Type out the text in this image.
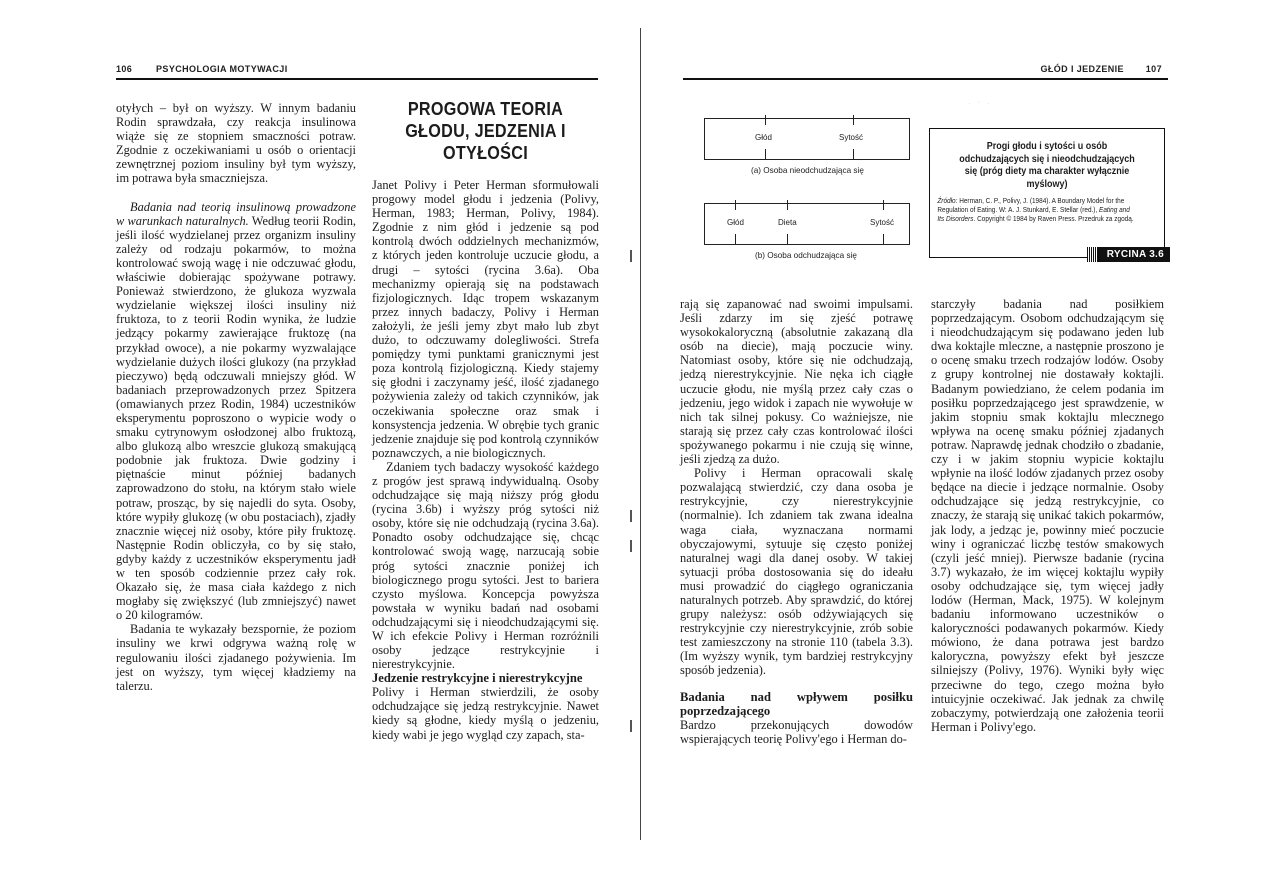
106	PSYCHOLOGIA MOTYWACJI

otyłych – był on wyższy. W innym badaniu Rodin sprawdzała, czy reakcja insulinowa wiąże się ze stopniem smaczności potraw. Zgodnie z oczekiwaniami u osób o orientacji zewnętrznej poziom insuliny był tym wyższy, im potrawa była smaczniejsza.

Badania nad teorią insulinową prowadzone w warunkach naturalnych. Według teorii Rodin, jeśli ilość wydzielanej przez organizm insuliny zależy od rodzaju pokarmów, to można kontrolować swoją wagę i nie odczuwać głodu, właściwie dobierając spożywane potrawy. Ponieważ stwierdzono, że glukoza wyzwala wydzielanie większej ilości insuliny niż fruktoza, to z teorii Rodin wynika, że ludzie jedzący pokarmy zawierające fruktozę (na przykład owoce), a nie pokarmy wyzwalające wydzielanie dużych ilości glukozy (na przykład pieczywo) będą odczuwali mniejszy głód. W badaniach przeprowadzonych przez Spitzera (omawianych przez Rodin, 1984) uczestników eksperymentu poproszono o wypicie wody o smaku cytrynowym osłodzonej albo fruktozą, albo glukozą albo wreszcie glukozą smakującą podobnie jak fruktoza. Dwie godziny i piętnaście minut później badanych zaprowadzono do stołu, na którym stało wiele potraw, prosząc, by się najedli do syta. Osoby, które wypiły glukozę (w obu postaciach), zjadły znacznie więcej niż osoby, które piły fruktozę. Następnie Rodin obliczyła, co by się stało, gdyby każdy z uczestników eksperymentu jadł w ten sposób codziennie przez cały rok. Okazało się, że masa ciała każdego z nich mogłaby się zwiększyć (lub zmniejszyć) nawet o 20 kilogramów.

Badania te wykazały bezspornie, że poziom insuliny we krwi odgrywa ważną rolę w regulowaniu ilości zjadanego pożywienia. Im jest on wyższy, tym więcej kładziemy na talerzu.

PROGOWA TEORIA GŁODU, JEDZENIA I OTYŁOŚCI

Janet Polivy i Peter Herman sformułowali progowy model głodu i jedzenia (Polivy, Herman, 1983; Herman, Polivy, 1984). Zgodnie z nim głód i jedzenie są pod kontrolą dwóch oddzielnych mechanizmów, z których jeden kontroluje uczucie głodu, a drugi – sytości (rycina 3.6a). Oba mechanizmy opierają się na podstawach fizjologicznych. Idąc tropem wskazanym przez innych badaczy, Polivy i Herman założyli, że jeśli jemy zbyt mało lub zbyt dużo, to odczuwamy dolegliwości. Strefa pomiędzy tymi punktami granicznymi jest poza kontrolą fizjologiczną. Kiedy stajemy się głodni i zaczynamy jeść, ilość zjadanego pożywienia zależy od takich czynników, jak oczekiwania społeczne oraz smak i konsystencja jedzenia. W obrębie tych granic jedzenie znajduje się pod kontrolą czynników poznawczych, a nie biologicznych.

Zdaniem tych badaczy wysokość każdego z progów jest sprawą indywidualną. Osoby odchudzające się mają niższy próg głodu (rycina 3.6b) i wyższy próg sytości niż osoby, które się nie odchudzają (rycina 3.6a). Ponadto osoby odchudzające się, chcąc kontrolować swoją wagę, narzucają sobie próg sytości znacznie poniżej ich biologicznego progu sytości. Jest to bariera czysto myślowa. Koncepcja powyższa powstała w wyniku badań nad osobami odchudzającymi się i nieodchudzającymi się. W ich efekcie Polivy i Herman rozróżnili osoby jedzące restrykcyjnie i nierestrykcyjnie.

Jedzenie restrykcyjne i nierestrykcyjne

Polivy i Herman stwierdzili, że osoby odchudzające się jedzą restrykcyjnie. Nawet kiedy są głodne, kiedy myślą o jedzeniu, kiedy wabi je jego wygląd czy zapach, sta-

GŁÓD I JEDZENIE 107
Głód	Sytość
(a) Osoba nieodchudzająca się
Głód	Dieta	Sytość
(b) Osoba odchudzająca się
. · .
Progi głodu i sytości u osób odchudzających się i nieodchudzających się (próg diety ma charakter wyłącznie myślowy)
Źródło: Herman, C. P., Polivy, J. (1984). A Boundary Model for the Regulation of Eating. W: A. J. Stunkard, E. Stellar (red.), Eating and Its Disorders. Copyright © 1984 by Raven Press. Przedruk za zgodą.
RYCINA 3.6

rają się zapanować nad swoimi impulsami. Jeśli zdarzy im się zjeść potrawę wysokokaloryczną (absolutnie zakazaną dla osób na diecie), mają poczucie winy. Natomiast osoby, które się nie odchudzają, jedzą nierestrykcyjnie. Nie nęka ich ciągłe uczucie głodu, nie myślą przez cały czas o jedzeniu, jego widok i zapach nie wywołuje w nich tak silnej pokusy. Co ważniejsze, nie starają się przez cały czas kontrolować ilości spożywanego pokarmu i nie czują się winne, jeśli zjedzą za dużo.

Polivy i Herman opracowali skalę pozwalającą stwierdzić, czy dana osoba je restrykcyjnie, czy nierestrykcyjnie (normalnie). Ich zdaniem tak zwana idealna waga ciała, wyznaczana normami obyczajowymi, sytuuje się często poniżej naturalnej wagi dla danej osoby. W takiej sytuacji próba dostosowania się do ideału musi prowadzić do ciągłego ograniczania naturalnych potrzeb. Aby sprawdzić, do której grupy należysz: osób odżywiających się restrykcyjnie czy nierestrykcyjnie, zrób sobie test zamieszczony na stronie 110 (tabela 3.3). (Im wyższy wynik, tym bardziej restrykcyjny sposób jedzenia).

Badania nad wpływem posiłku poprzedzającego

Bardzo przekonujących dowodów wspierających teorię Polivy'ego i Herman do-

starczyły badania nad posiłkiem poprzedzającym. Osobom odchudzającym się i nieodchudzającym się podawano jeden lub dwa koktajle mleczne, a następnie proszono je o ocenę smaku trzech rodzajów lodów. Osoby z grupy kontrolnej nie dostawały koktajli. Badanym powiedziano, że celem podania im posiłku poprzedzającego jest sprawdzenie, w jakim stopniu smak koktajlu mlecznego wpływa na ocenę smaku później zjadanych potraw. Naprawdę jednak chodziło o zbadanie, czy i w jakim stopniu wypicie koktajlu wpłynie na ilość lodów zjadanych przez osoby będące na diecie i jedzące normalnie. Osoby odchudzające się jedzą restrykcyjnie, co znaczy, że starają się unikać takich pokarmów, jak lody, a jedząc je, powinny mieć poczucie winy i ograniczać liczbę testów smakowych (czyli jeść mniej). Pierwsze badanie (rycina 3.7) wykazało, że im więcej koktajlu wypiły osoby odchudzające się, tym więcej jadły lodów (Herman, Mack, 1975). W kolejnym badaniu informowano uczestników o kaloryczności podawanych pokarmów. Kiedy mówiono, że dana potrawa jest bardzo kaloryczna, powyższy efekt był jeszcze silniejszy (Polivy, 1976). Wyniki były więc przeciwne do tego, czego można było intuicyjnie oczekiwać. Jak jednak za chwilę zobaczymy, potwierdzają one założenia teorii Herman i Polivy'ego.
